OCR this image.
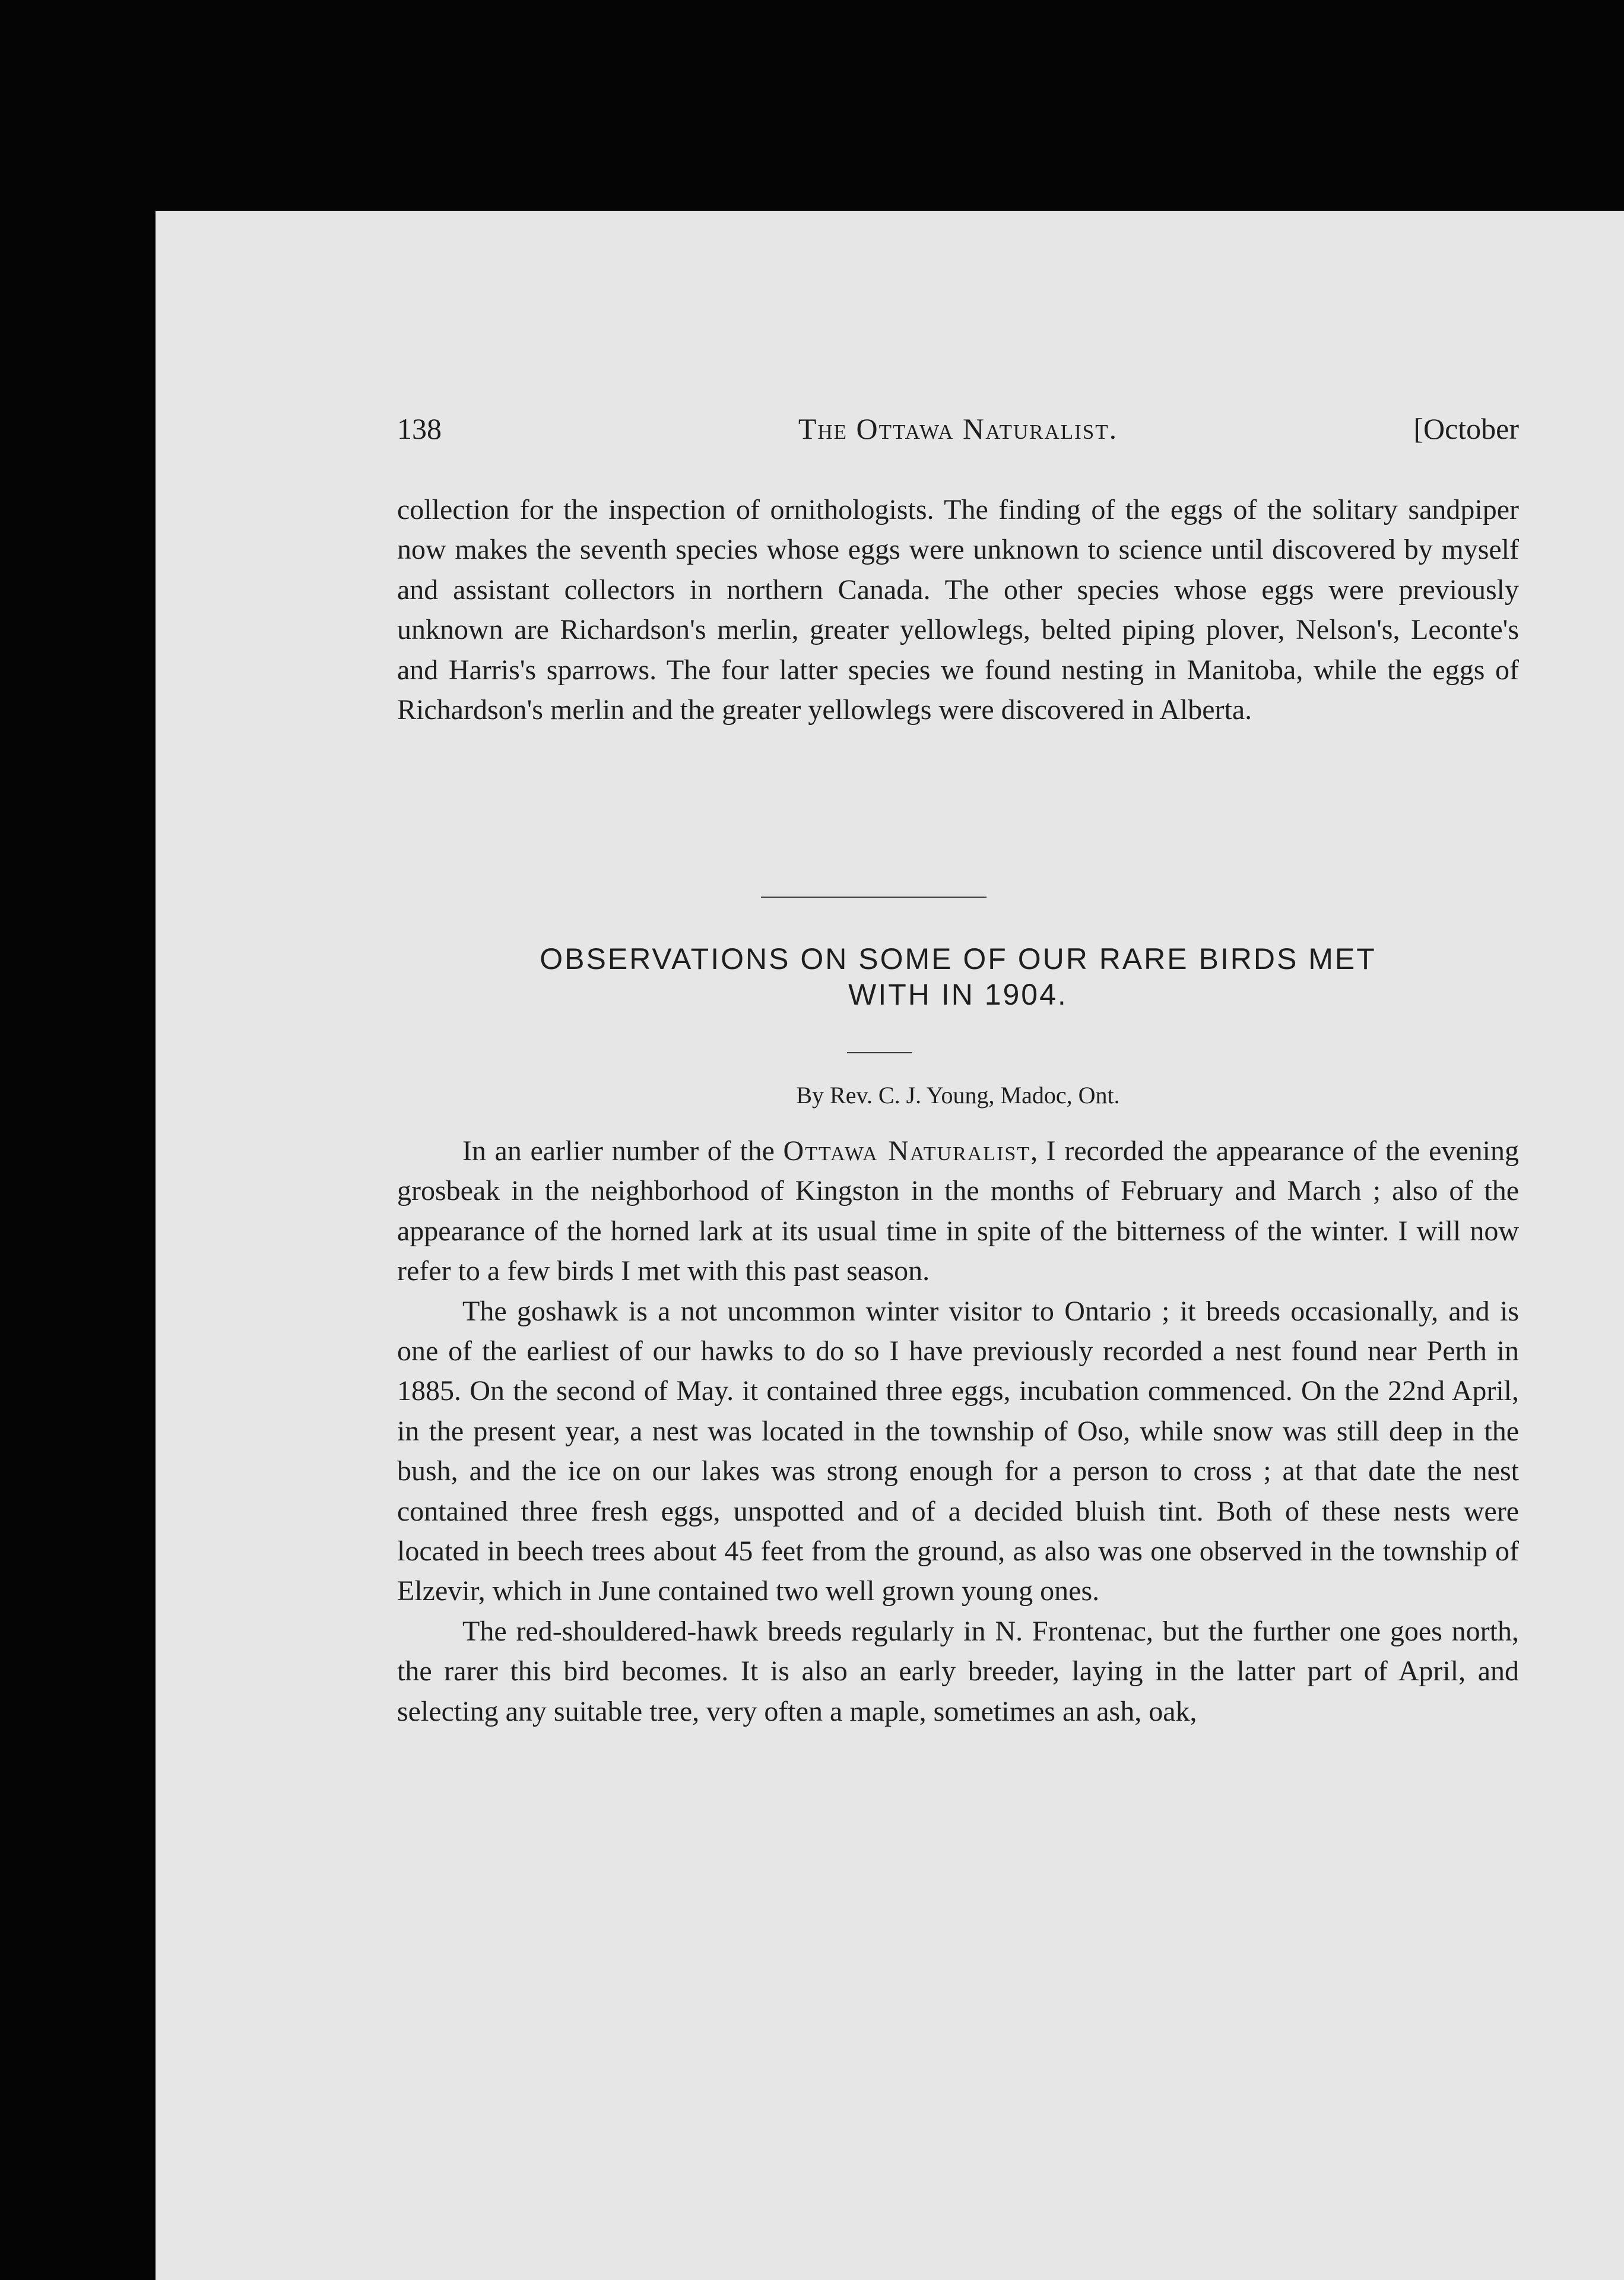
138	The Ottawa Naturalist.	[October

collection for the inspection of ornithologists. The finding of the eggs of the solitary sandpiper now makes the seventh species whose eggs were unknown to science until discovered by myself and assistant collectors in northern Canada. The other species whose eggs were previously unknown are Richardson's merlin, greater yellowlegs, belted piping plover, Nelson's, Leconte's and Harris's sparrows. The four latter species we found nesting in Manitoba, while the eggs of Richardson's merlin and the greater yellowlegs were discovered in Alberta.

OBSERVATIONS ON SOME OF OUR RARE BIRDS MET
WITH IN 1904.
By Rev. C. J. Young, Madoc, Ont.

In an earlier number of the Ottawa Naturalist, I recorded the appearance of the evening grosbeak in the neighborhood of Kingston in the months of February and March ; also of the appearance of the horned lark at its usual time in spite of the bitterness of the winter. I will now refer to a few birds I met with this past season.

The goshawk is a not uncommon winter visitor to Ontario ; it breeds occasionally, and is one of the earliest of our hawks to do so I have previously recorded a nest found near Perth in 1885. On the second of May. it contained three eggs, incubation commenced. On the 22nd April, in the present year, a nest was located in the township of Oso, while snow was still deep in the bush, and the ice on our lakes was strong enough for a person to cross ; at that date the nest contained three fresh eggs, unspotted and of a decided bluish tint. Both of these nests were located in beech trees about 45 feet from the ground, as also was one observed in the township of Elzevir, which in June contained two well grown young ones.

The red-shouldered-hawk breeds regularly in N. Frontenac, but the further one goes north, the rarer this bird becomes. It is also an early breeder, laying in the latter part of April, and selecting any suitable tree, very often a maple, sometimes an ash, oak,
